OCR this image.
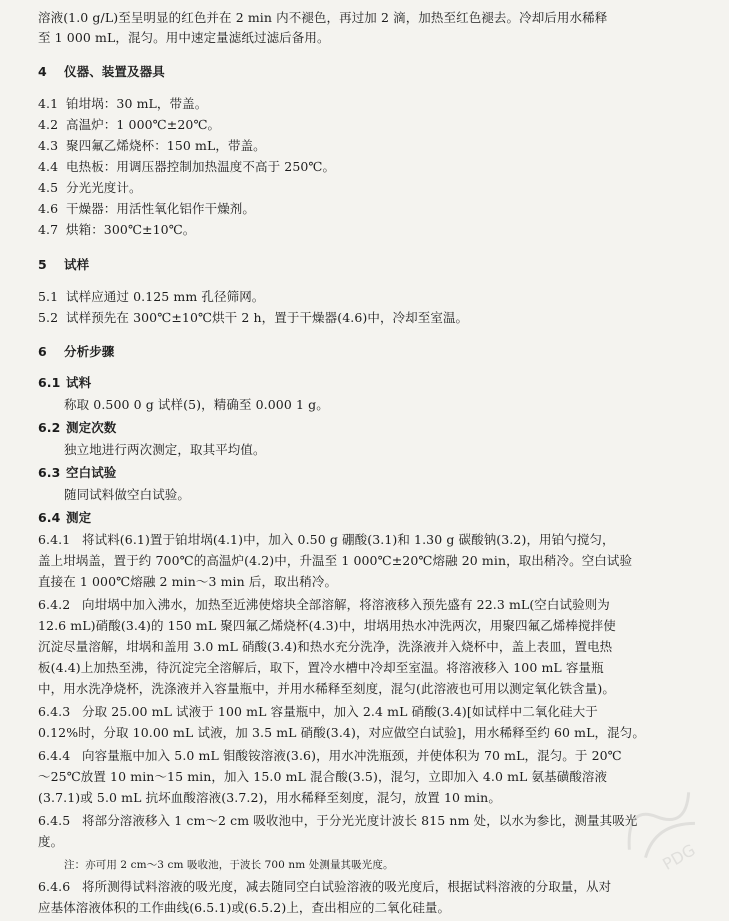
溶液(1.0 g/L)至呈明显的红色并在 2 min 内不褪色，再过加 2 滴，加热至红色褪去。冷却后用水稀释
至 1 000 mL，混匀。用中速定量滤纸过滤后备用。
4 仪器、装置及器具
4.1 铂坩埚：30 mL，带盖。
4.2 高温炉：1 000℃±20℃。
4.3 聚四氟乙烯烧杯：150 mL，带盖。
4.4 电热板：用调压器控制加热温度不高于 250℃。
4.5 分光光度计。
4.6 干燥器：用活性氧化铝作干燥剂。
4.7 烘箱：300℃±10℃。
5 试样
5.1 试样应通过 0.125 mm 孔径筛网。
5.2 试样预先在 300℃±10℃烘干 2 h，置于干燥器(4.6)中，冷却至室温。
6 分析步骤
6.1 试料
称取 0.500 0 g 试样(5)，精确至 0.000 1 g。
6.2 测定次数
独立地进行两次测定，取其平均值。
6.3 空白试验
随同试料做空白试验。
6.4 测定
6.4.1 将试料(6.1)置于铂坩埚(4.1)中，加入 0.50 g 硼酸(3.1)和 1.30 g 碳酸钠(3.2)，用铂勺搅匀，
盖上坩埚盖，置于约 700℃的高温炉(4.2)中，升温至 1 000℃±20℃熔融 20 min，取出稍冷。空白试验
直接在 1 000℃熔融 2 min～3 min 后，取出稍冷。
6.4.2 向坩埚中加入沸水，加热至近沸使熔块全部溶解，将溶液移入预先盛有 22.3 mL(空白试验则为
12.6 mL)硝酸(3.4)的 150 mL 聚四氟乙烯烧杯(4.3)中，坩埚用热水冲洗两次，用聚四氟乙烯棒搅拌使
沉淀尽量溶解，坩埚和盖用 3.0 mL 硝酸(3.4)和热水充分洗净，洗涤液并入烧杯中，盖上表皿，置电热
板(4.4)上加热至沸，待沉淀完全溶解后，取下，置冷水槽中冷却至室温。将溶液移入 100 mL 容量瓶
中，用水洗净烧杯，洗涤液并入容量瓶中，并用水稀释至刻度，混匀(此溶液也可用以测定氧化铁含量)。
6.4.3 分取 25.00 mL 试液于 100 mL 容量瓶中，加入 2.4 mL 硝酸(3.4)[如试样中二氧化硅大于
0.12%时，分取 10.00 mL 试液，加 3.5 mL 硝酸(3.4)，对应做空白试验]，用水稀释至约 60 mL，混匀。
6.4.4 向容量瓶中加入 5.0 mL 钼酸铵溶液(3.6)，用水冲洗瓶颈，并使体积为 70 mL，混匀。于 20℃
～25℃放置 10 min～15 min，加入 15.0 mL 混合酸(3.5)，混匀，立即加入 4.0 mL 氨基磺酸溶液
(3.7.1)或 5.0 mL 抗坏血酸溶液(3.7.2)，用水稀释至刻度，混匀，放置 10 min。
6.4.5 将部分溶液移入 1 cm～2 cm 吸收池中，于分光光度计波长 815 nm 处，以水为参比，测量其吸光
度。
注：亦可用 2 cm～3 cm 吸收池，于波长 700 nm 处测量其吸光度。
6.4.6 将所测得试料溶液的吸光度，减去随同空白试验溶液的吸光度后，根据试料溶液的分取量，从对
应基体溶液体积的工作曲线(6.5.1)或(6.5.2)上，查出相应的二氧化硅量。
PDG
